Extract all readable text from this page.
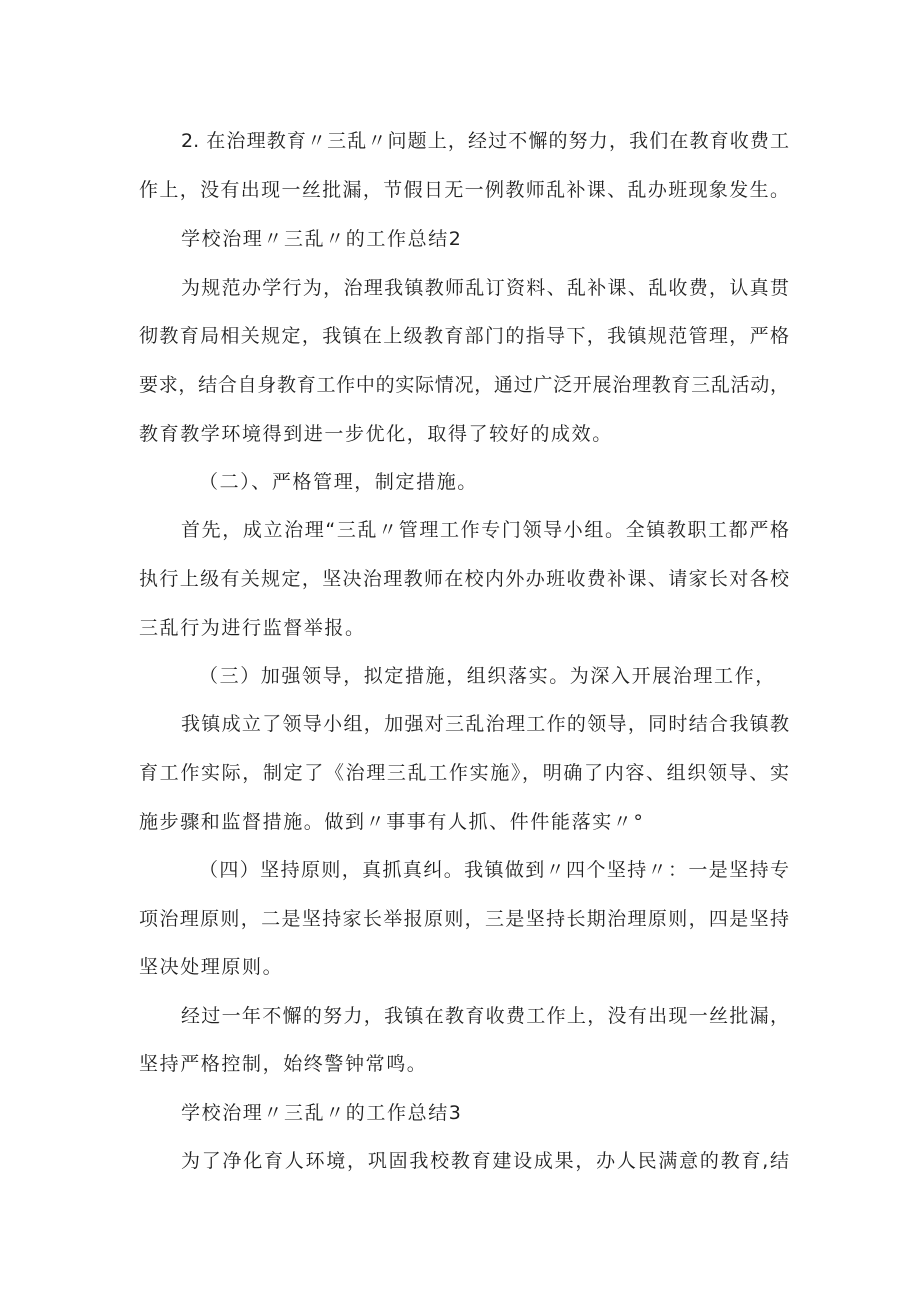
2. 在治理教育〃三乱〃问题上，经过不懈的努力，我们在教育收费工
作上，没有出现一丝批漏，节假日无一例教师乱补课、乱办班现象发生。
学校治理〃三乱〃的工作总结2
为规范办学行为，治理我镇教师乱订资料、乱补课、乱收费，认真贯
彻教育局相关规定，我镇在上级教育部门的指导下，我镇规范管理，严格
要求，结合自身教育工作中的实际情况，通过广泛开展治理教育三乱活动，
教育教学环境得到进一步优化，取得了较好的成效。
（二）、严格管理，制定措施。
首先，成立治理“三乱〃管理工作专门领导小组。全镇教职工都严格
执行上级有关规定，坚决治理教师在校内外办班收费补课、请家长对各校
三乱行为进行监督举报。
（三）加强领导，拟定措施，组织落实。为深入开展治理工作，
我镇成立了领导小组，加强对三乱治理工作的领导，同时结合我镇教
育工作实际，制定了《治理三乱工作实施》，明确了内容、组织领导、实
施步骤和监督措施。做到〃事事有人抓、件件能落实〃°
（四）坚持原则，真抓真纠。我镇做到〃四个坚持〃：一是坚持专
项治理原则，二是坚持家长举报原则，三是坚持长期治理原则，四是坚持
坚决处理原则。
经过一年不懈的努力，我镇在教育收费工作上，没有出现一丝批漏，
坚持严格控制，始终警钟常鸣。
学校治理〃三乱〃的工作总结3
为了净化育人环境，巩固我校教育建设成果，办人民满意的教育,结
